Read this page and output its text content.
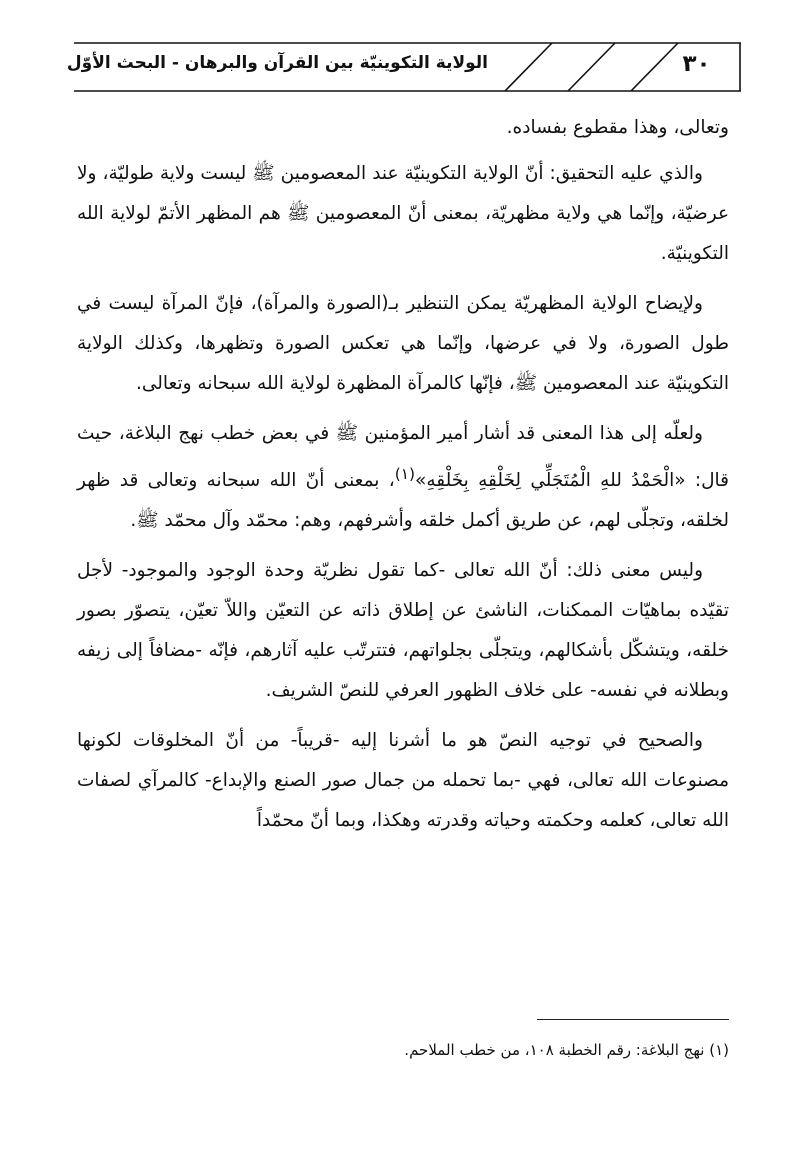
الولاية التكوينيّة بين القرآن والبرهان - البحث الأوّل	٣٠

وتعالى، وهذا مقطوع بفساده.

والذي عليه التحقيق: أنّ الولاية التكوينيّة عند المعصومين ﷺ ليست ولاية طوليّة، ولا عرضيّة، وإنّما هي ولاية مظهريّة، بمعنى أنّ المعصومين ﷺ هم المظهر الأتمّ لولاية الله التكوينيّة.

ولإيضاح الولاية المظهريّة يمكن التنظير بـ(الصورة والمرآة)، فإنّ المرآة ليست في طول الصورة، ولا في عرضها، وإنّما هي تعكس الصورة وتظهرها، وكذلك الولاية التكوينيّة عند المعصومين ﷺ، فإنّها كالمرآة المظهرة لولاية الله سبحانه وتعالى.

ولعلّه إلى هذا المعنى قد أشار أمير المؤمنين ﷺ في بعض خطب نهج البلاغة، حيث قال: «الْحَمْدُ للهِ الْمُتَجَلِّي لِخَلْقِهِ بِخَلْقِهِ»$^{(١)}$، بمعنى أنّ الله سبحانه وتعالى قد ظهر لخلقه، وتجلّى لهم، عن طريق أكمل خلقه وأشرفهم، وهم: محمّد وآل محمّد ﷺ.

وليس معنى ذلك: أنّ الله تعالى -كما تقول نظريّة وحدة الوجود والموجود- لأجل تقيّده بماهيّات الممكنات، الناشئ عن إطلاق ذاته عن التعيّن واللاّ تعيّن، يتصوّر بصور خلقه، ويتشكّل بأشكالهم، ويتجلّى بجلواتهم، فتترتّب عليه آثارهم، فإنّه -مضافاً إلى زيفه وبطلانه في نفسه- على خلاف الظهور العرفي للنصّ الشريف.

والصحيح في توجيه النصّ هو ما أشرنا إليه -قريباً- من أنّ المخلوقات لكونها مصنوعات الله تعالى، فهي -بما تحمله من جمال صور الصنع والإبداع- كالمرآي لصفات الله تعالى، كعلمه وحكمته وحياته وقدرته وهكذا، وبما أنّ محمّداً

(١) نهج البلاغة: رقم الخطبة ١٠٨، من خطب الملاحم.
